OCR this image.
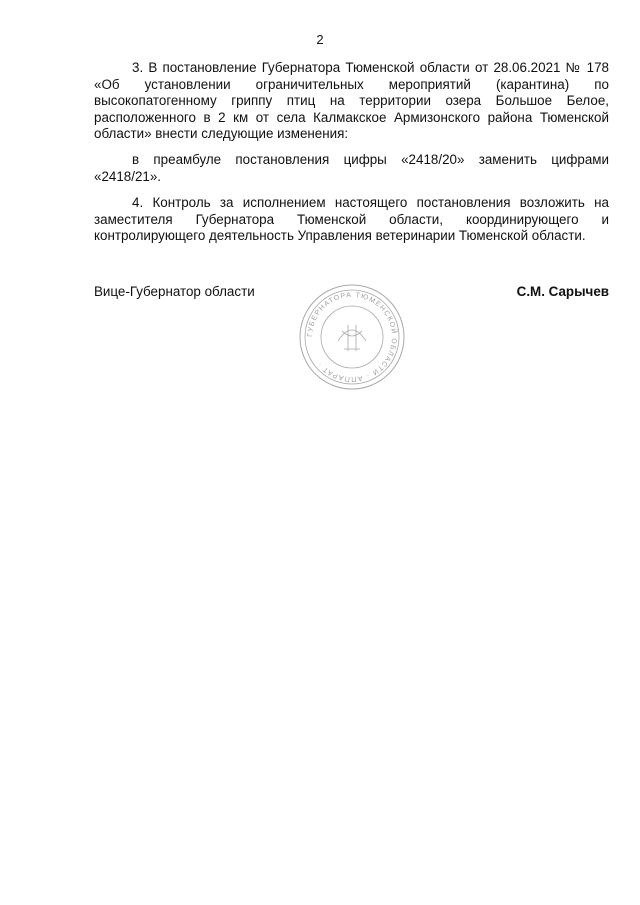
2

3. В постановление Губернатора Тюменской области от 28.06.2021 № 178 «Об установлении ограничительных мероприятий (карантина) по высокопатогенному гриппу птиц на территории озера Большое Белое, расположенного в 2 км от села Калмакское Армизонского района Тюменской области» внести следующие изменения:

в преамбуле постановления цифры «2418/20» заменить цифрами «2418/21».

4. Контроль за исполнением настоящего постановления возложить на заместителя Губернатора Тюменской области, координирующего и контролирующего деятельность Управления ветеринарии Тюменской области.

Вице-Губернатор области	С.М. Сарычев
ГУБЕРНАТОРА ТЮМЕНСКОЙ ОБЛАСТИ · АППАРАТ ·
